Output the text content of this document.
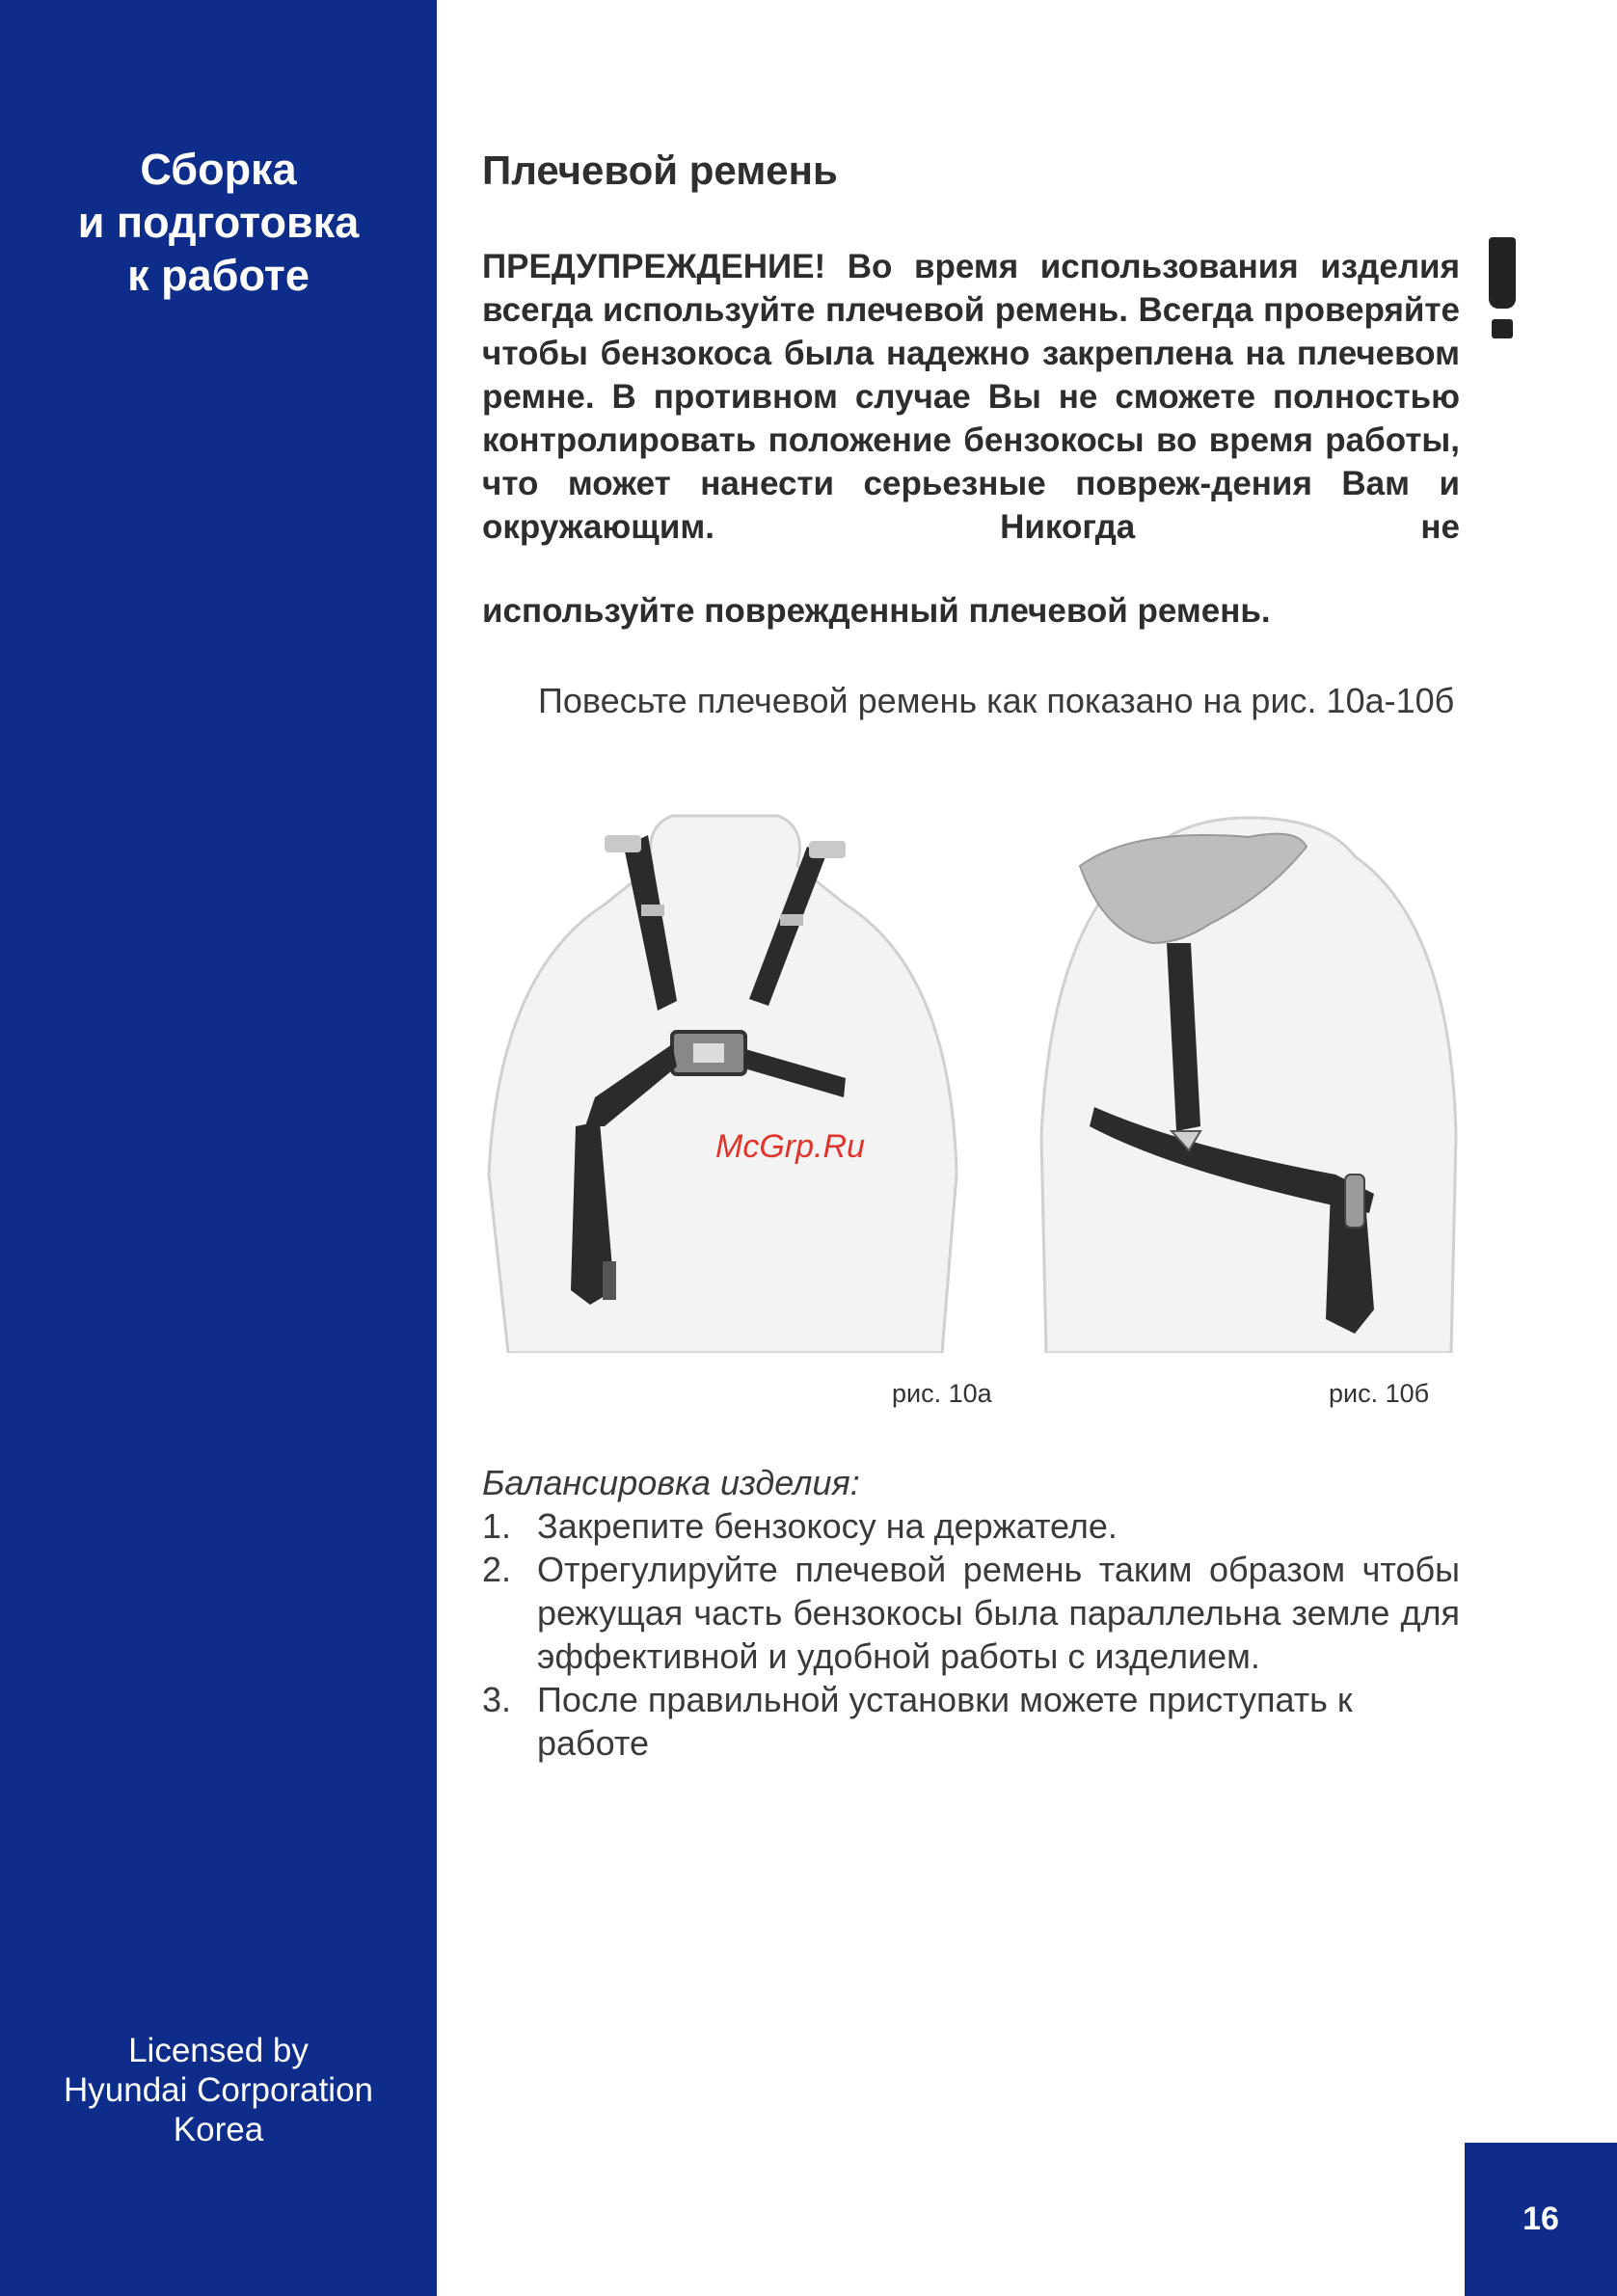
Сборка
и подготовка
к работе
Licensed by
Hyundai Corporation
Korea
16
Плечевой ремень
ПРЕДУПРЕЖДЕНИЕ! Во время использования изделия всегда используйте плечевой ремень. Всегда проверяйте чтобы бензокоса была надежно закреплена на плечевом ремне. В противном случае Вы не сможете полностью контролировать положение бензокосы во время работы, что может нанести серьезные повреж-дения Вам и окружающим. Никогда не
используйте поврежденный плечевой ремень.
Повесьте плечевой ремень как показано на рис. 10а-10б
рис. 10а	рис. 10б
McGrp.Ru
Балансировка изделия:
1. Закрепите бензокосу на держателе.
2. Отрегулируйте плечевой ремень таким образом чтобы режущая часть бензокосы была параллельна земле для эффективной и удобной работы с изделием.
3. После правильной установки можете приступать к работе
